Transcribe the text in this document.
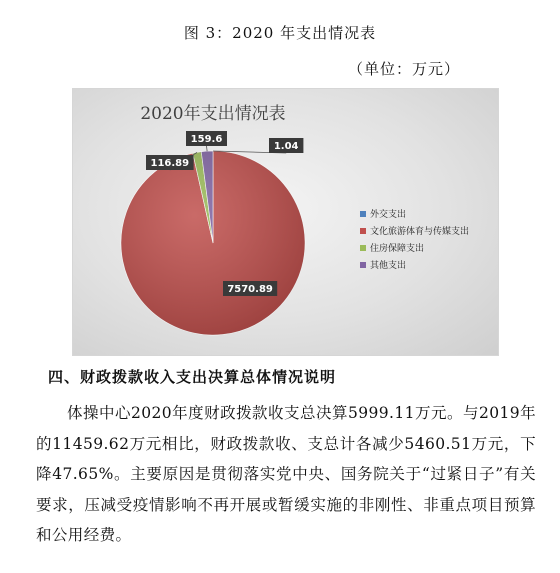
图 3：2020 年支出情况表
（单位：万元）
2020年支出情况表
1.04
7570.89
116.89
159.6
外交支出
文化旅游体育与传媒支出
住房保障支出
其他支出
四、财政拨款收入支出决算总体情况说明
体操中心2020年度财政拨款收支总决算5999.11万元。与2019年的11459.62万元相比，财政拨款收、支总计各减少5460.51万元，下降47.65%。主要原因是贯彻落实党中央、国务院关于“过紧日子”有关要求，压减受疫情影响不再开展或暂缓实施的非刚性、非重点项目预算和公用经费。
